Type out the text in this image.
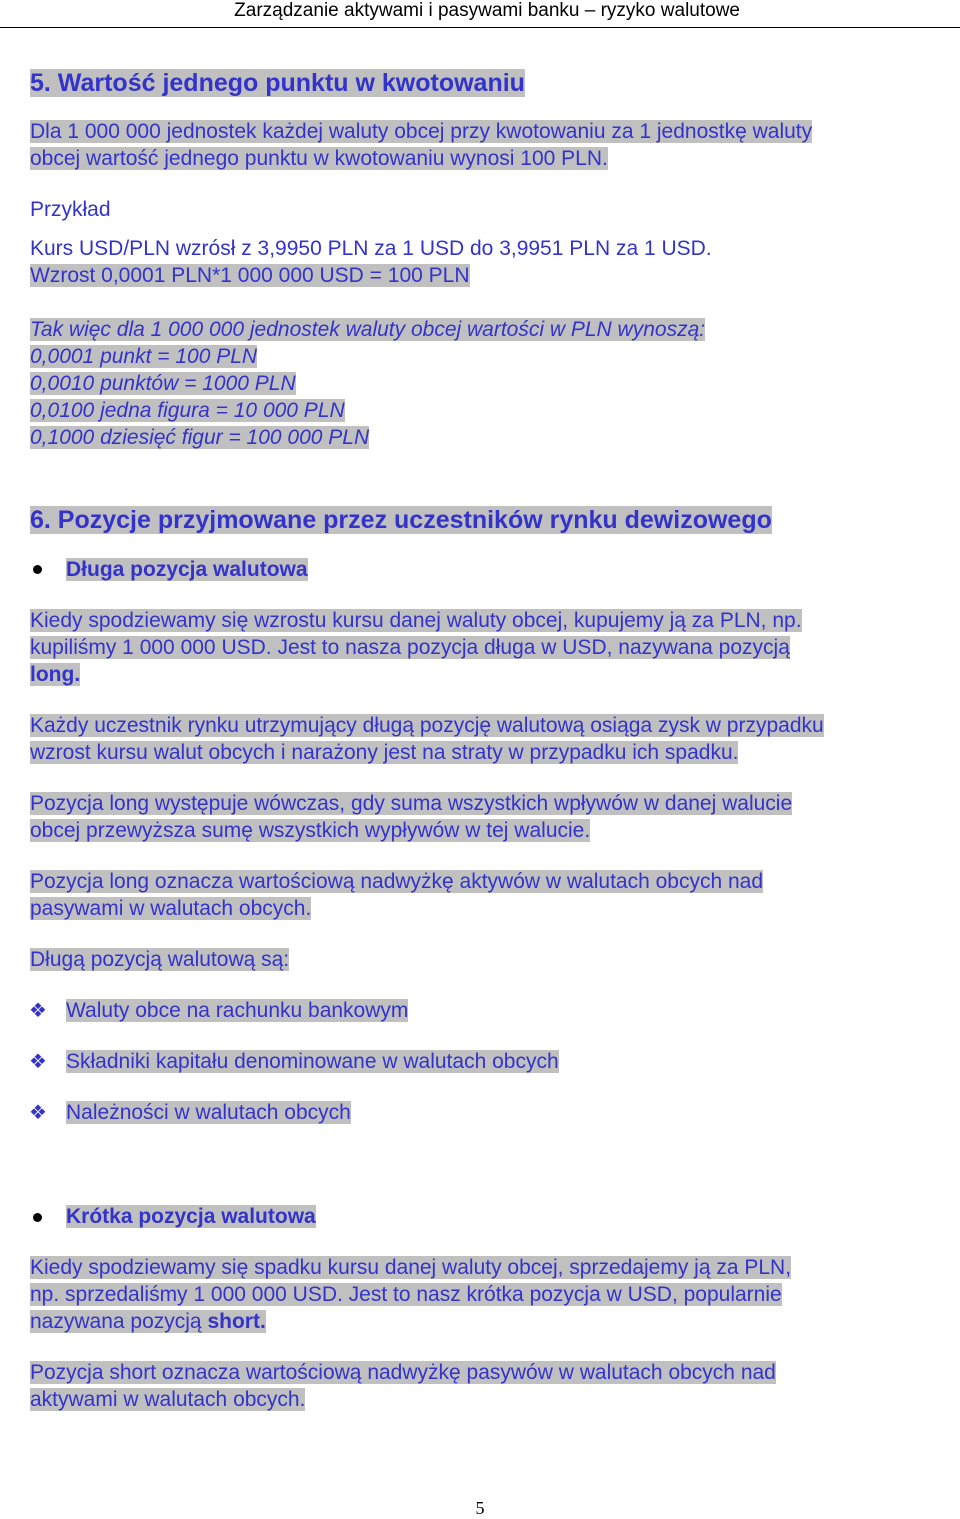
Zarządzanie aktywami i pasywami banku – ryzyko walutowe
5. Wartość jednego punktu w kwotowaniu
Dla 1 000 000 jednostek każdej waluty obcej przy kwotowaniu za 1 jednostkę waluty
obcej wartość jednego punktu w kwotowaniu wynosi 100 PLN.
Przykład
Kurs USD/PLN wzrósł z 3,9950 PLN za 1 USD do 3,9951 PLN za 1 USD.
Wzrost 0,0001 PLN*1 000 000 USD = 100 PLN
Tak więc dla 1 000 000 jednostek waluty obcej wartości w PLN wynoszą:
0,0001 punkt = 100 PLN
0,0010 punktów = 1000 PLN
0,0100 jedna figura = 10 000 PLN
0,1000 dziesięć figur = 100 000 PLN
6. Pozycje przyjmowane przez uczestników rynku dewizowego
Długa pozycja walutowa
Kiedy spodziewamy się wzrostu kursu danej waluty obcej, kupujemy ją za PLN, np.
kupiliśmy 1 000 000 USD. Jest to nasza pozycja długa w USD, nazywana pozycją
long.
Każdy uczestnik rynku utrzymujący długą pozycję walutową osiąga zysk w przypadku
wzrost kursu walut obcych i narażony jest na straty w przypadku ich spadku.
Pozycja long występuje wówczas, gdy suma wszystkich wpływów w danej walucie
obcej przewyższa sumę wszystkich wypływów w tej walucie.
Pozycja long oznacza wartościową nadwyżkę aktywów w walutach obcych nad
pasywami w walutach obcych.
Długą pozycją walutową są:
❖ Waluty obce na rachunku bankowym
❖ Składniki kapitału denominowane w walutach obcych
❖ Należności w walutach obcych
Krótka pozycja walutowa
Kiedy spodziewamy się spadku kursu danej waluty obcej, sprzedajemy ją za PLN,
np. sprzedaliśmy 1 000 000 USD. Jest to nasz krótka pozycja w USD, popularnie
nazywana pozycją short.
Pozycja short oznacza wartościową nadwyżkę pasywów w walutach obcych nad
aktywami w walutach obcych.
5
